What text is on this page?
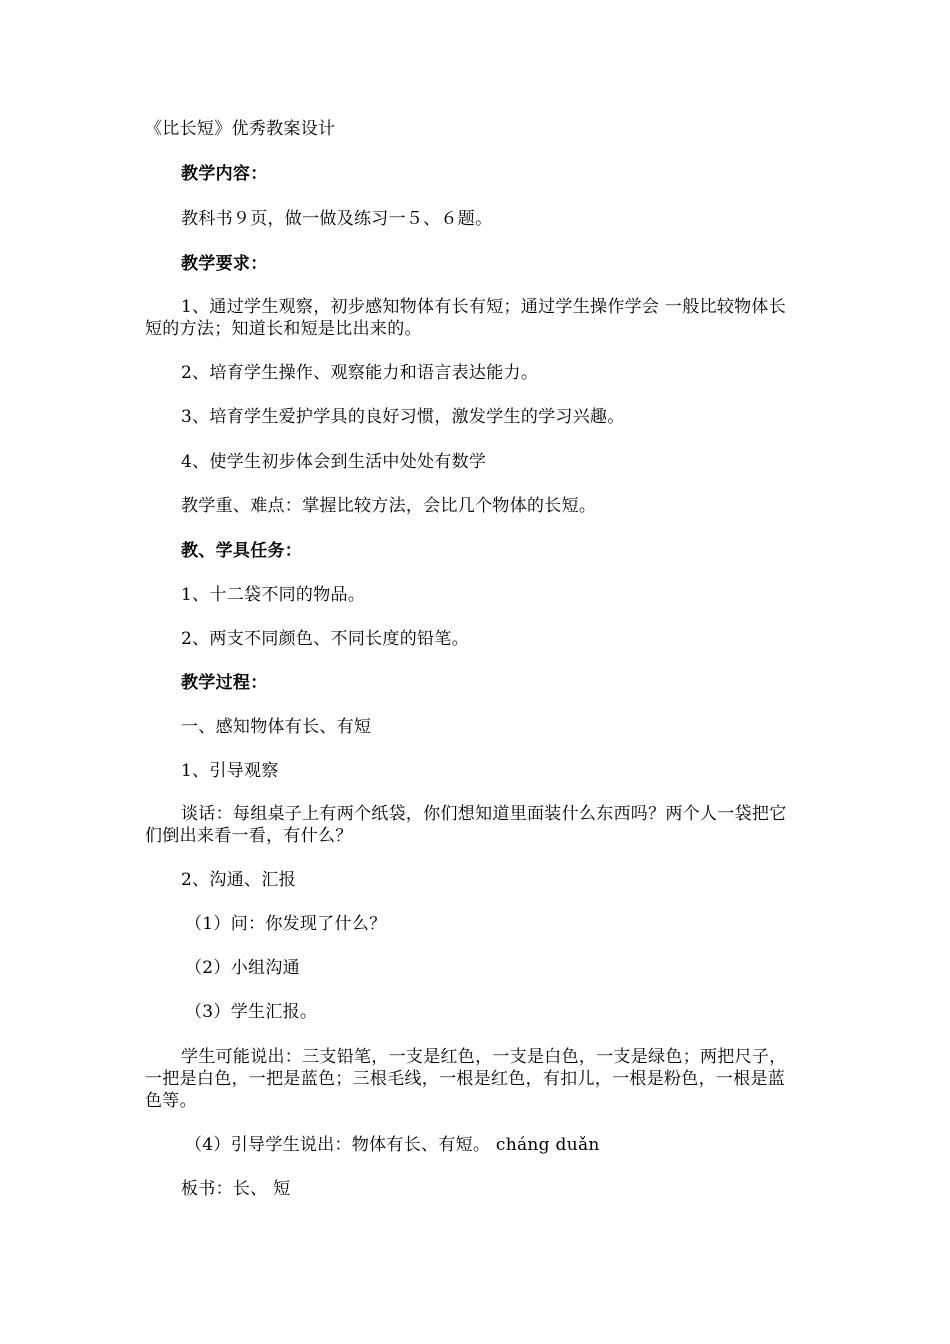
《比长短》优秀教案设计

教学内容：

教科书９页，做一做及练习一５、６题。

教学要求：

1、通过学生观察，初步感知物体有长有短；通过学生操作学会 一般比较物体长短的方法；知道长和短是比出来的。

2、培育学生操作、观察能力和语言表达能力。

3、培育学生爱护学具的良好习惯，激发学生的学习兴趣。

4、使学生初步体会到生活中处处有数学

教学重、难点：掌握比较方法，会比几个物体的长短。

教、学具任务：

1、十二袋不同的物品。

2、两支不同颜色、不同长度的铅笔。

教学过程：

一、感知物体有长、有短

1、引导观察

谈话：每组桌子上有两个纸袋，你们想知道里面装什么东西吗？两个人一袋把它们倒出来看一看，有什么？

2、沟通、汇报

（1）问：你发现了什么？

（2）小组沟通

（3）学生汇报。

学生可能说出：三支铅笔，一支是红色，一支是白色，一支是绿色；两把尺子，一把是白色，一把是蓝色；三根毛线，一根是红色，有扣儿，一根是粉色，一根是蓝色等。

（4）引导学生说出：物体有长、有短。 cháng duǎn

板书：长、 短
